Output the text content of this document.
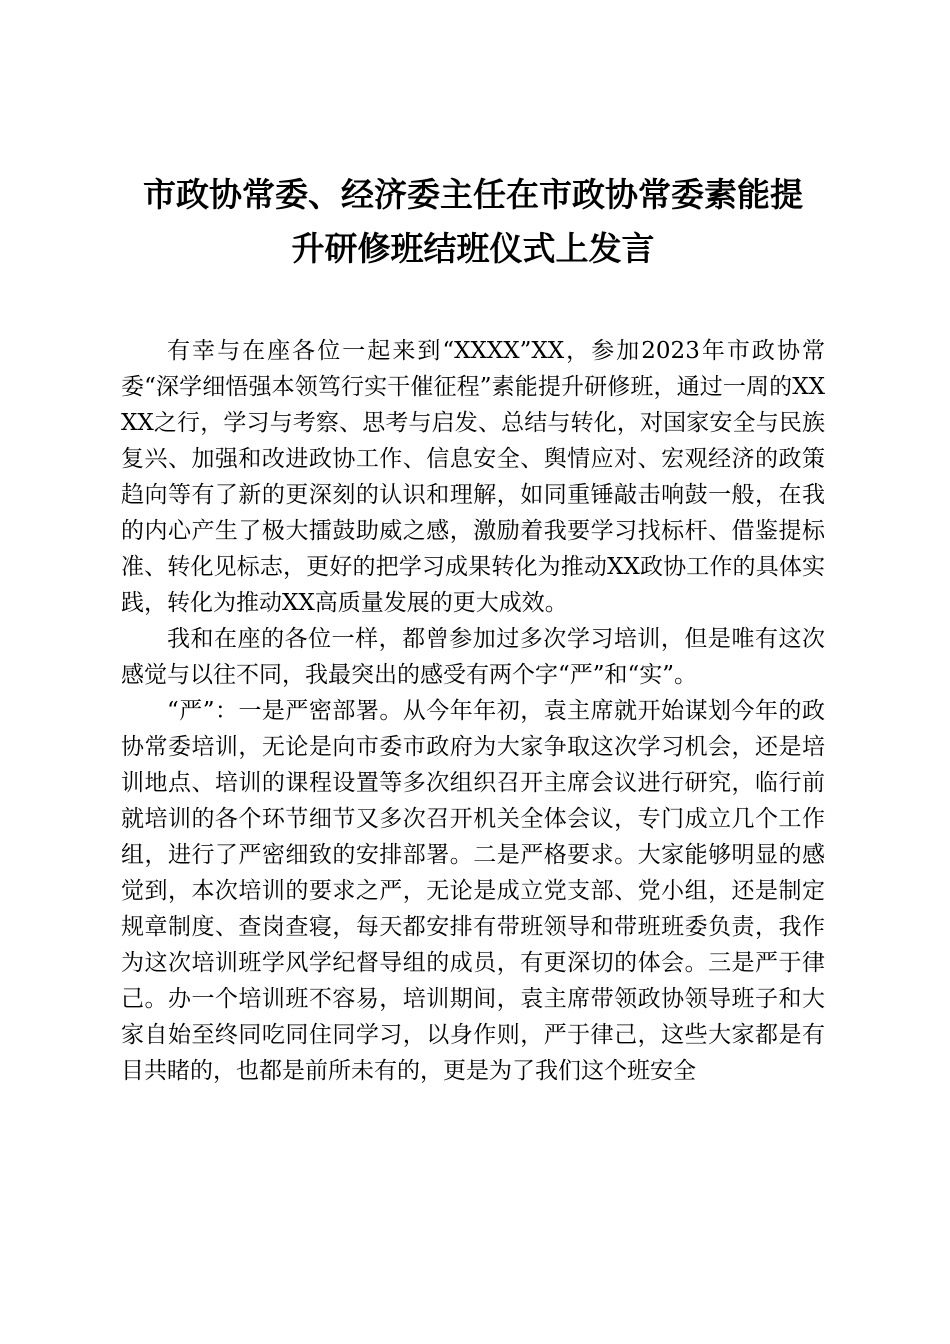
市政协常委、经济委主任在市政协常委素能提
升研修班结班仪式上发言

有幸与在座各位一起来到“XXXX”XX，参加2023年市政协常委“深学细悟强本领笃行实干催征程”素能提升研修班，通过一周的XXXX之行，学习与考察、思考与启发、总结与转化，对国家安全与民族复兴、加强和改进政协工作、信息安全、舆情应对、宏观经济的政策趋向等有了新的更深刻的认识和理解，如同重锤敲击响鼓一般，在我的内心产生了极大擂鼓助威之感，激励着我要学习找标杆、借鉴提标准、转化见标志，更好的把学习成果转化为推动XX政协工作的具体实践，转化为推动XX高质量发展的更大成效。

我和在座的各位一样，都曾参加过多次学习培训，但是唯有这次感觉与以往不同，我最突出的感受有两个字“严”和“实”。

“严”：一是严密部署。从今年年初，袁主席就开始谋划今年的政协常委培训，无论是向市委市政府为大家争取这次学习机会，还是培训地点、培训的课程设置等多次组织召开主席会议进行研究，临行前就培训的各个环节细节又多次召开机关全体会议，专门成立几个工作组，进行了严密细致的安排部署。二是严格要求。大家能够明显的感觉到，本次培训的要求之严，无论是成立党支部、党小组，还是制定规章制度、查岗查寝，每天都安排有带班领导和带班班委负责，我作为这次培训班学风学纪督导组的成员，有更深切的体会。三是严于律己。办一个培训班不容易，培训期间，袁主席带领政协领导班子和大家自始至终同吃同住同学习，以身作则，严于律己，这些大家都是有目共睹的，也都是前所未有的，更是为了我们这个班安全
